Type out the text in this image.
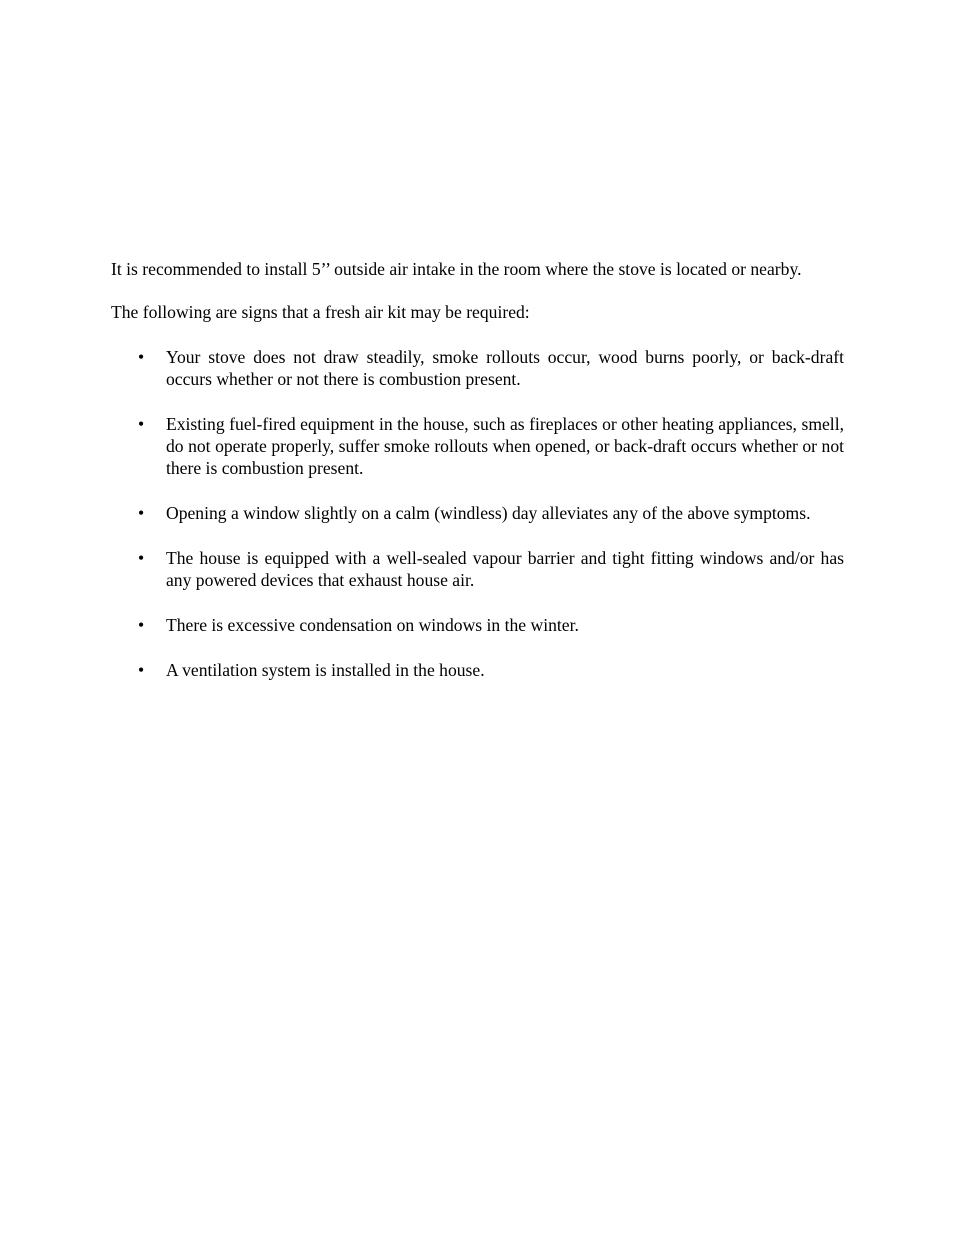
It is recommended to install 5’’ outside air intake in the room where the stove is located or nearby.

The following are signs that a fresh air kit may be required:

•	Your stove does not draw steadily, smoke rollouts occur, wood burns poorly, or back-draft occurs whether or not there is combustion present.
•	Existing fuel-fired equipment in the house, such as fireplaces or other heating appliances, smell, do not operate properly, suffer smoke rollouts when opened, or back-draft occurs whether or not there is combustion present.
•	Opening a window slightly on a calm (windless) day alleviates any of the above symptoms.
•	The house is equipped with a well-sealed vapour barrier and tight fitting windows and/or has any powered devices that exhaust house air.
•	There is excessive condensation on windows in the winter.
•	A ventilation system is installed in the house.
